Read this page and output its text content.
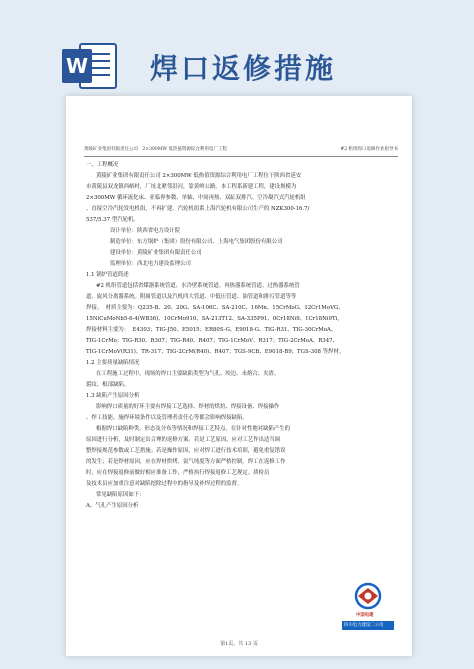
W 焊口返修措施
黄陵矿业集团有限责任公司　2×300MW 低热值资源综合利用电厂工程	#2 机组焊口返修作业指导书

一、工程概况

黄陵矿业集团有限责任公司 2×300MW 低热值资源综合利用电厂工程位于陕西省延安

市黄陵县双龙镇西峪村，厂址北紧邻沮河，靠黄岭公路。本工程系新建工程，建设规模为

2×300MW 循环流化床、亚临界参数、单轴、中间再热、双缸双排汽、空冷凝汽式汽轮机组

、直接空冷汽轮发电机组，不再扩建。汽轮机组系上海汽轮机有限公司生产的 NZK300-16.7/

537/5.37 型汽轮机。

设计单位：陕西省电力设计院

制造单位：东方锅炉（集团）股份有限公司、上海电气集团股份有限公司

建设单位：黄陵矿业集团有限责任公司

监理单位：西北电力建设监理公司

1.1 锅炉管道简述

#2 机组管道包括省煤器系统管道、水冷壁系统管道、再热器系统管道、过热器系统管

道、旋风分离器系统。附属管道以及汽机四大管道、中低压管道、油管道和排污管道等等

焊接。  材质主要为：Q235-B、20、20G、SA-106C、SA-210C、16Mn、15CrMoG、12Cr1MoVG、

15NiCuMoNb5-6-4(WB36)、10CrMo910、SA-213T12、SA-335P91、0Cr18Ni9、1Cr18Ni9Ti，

焊接材料主要为：  E4303；TIG-J50、E5015；ER80S-G、E9018-G、TIG-R31、TIG-30CrMoA、

TIG-1CrMo；TIG-R30、R307；TIG-R40、R407；TIG-1CrMoV、R317；TIG-2CrMoA、R347、

TIG-1CrMoV(R31)、TR-317；TIG-2CrM(R40)、R407；TGS-9CB、E9018-B9；TGS-308 等焊材。

1.2 主要质量缺陷情况

在工程施工过程中，现场的焊口主要缺陷类型为气孔、咬边、未熔合、夹渣、

裂纹、根部缺陷。

1.3 缺陷产生原因分析

影响焊口质量的好坏主要有焊接工艺选择、焊材的烘焙、焊接设备、焊接操作

、焊工技能、施焊环境条件以及管理者责任心等都会影响焊接缺陷。

根据焊口缺陷种类、形态及分布等情况和焊接工艺特点，在针对性地对缺陷产生的

原因进行分析，及时制定出合理的返修方案。若是工艺原因，应对工艺作出适当调

整焊接规范参数或工艺措施；若是操作原因，应对焊工进行技术培训，避免重复错误

的发生；若是焊材原因，应在焊材烘烤、氩气纯度等方面严格控制。焊工在返修工作

时，应在焊接返修前做好相应准备工作，严格执行焊接返修工艺规定。质检员

及技术员应加重注意对缺陷挖除过程中的指导及补焊过程的监督。

常见缺陷原因如下：

A、气孔产生原因分析

中国电建
四川电力建设二公司
第1页，共 13 页
